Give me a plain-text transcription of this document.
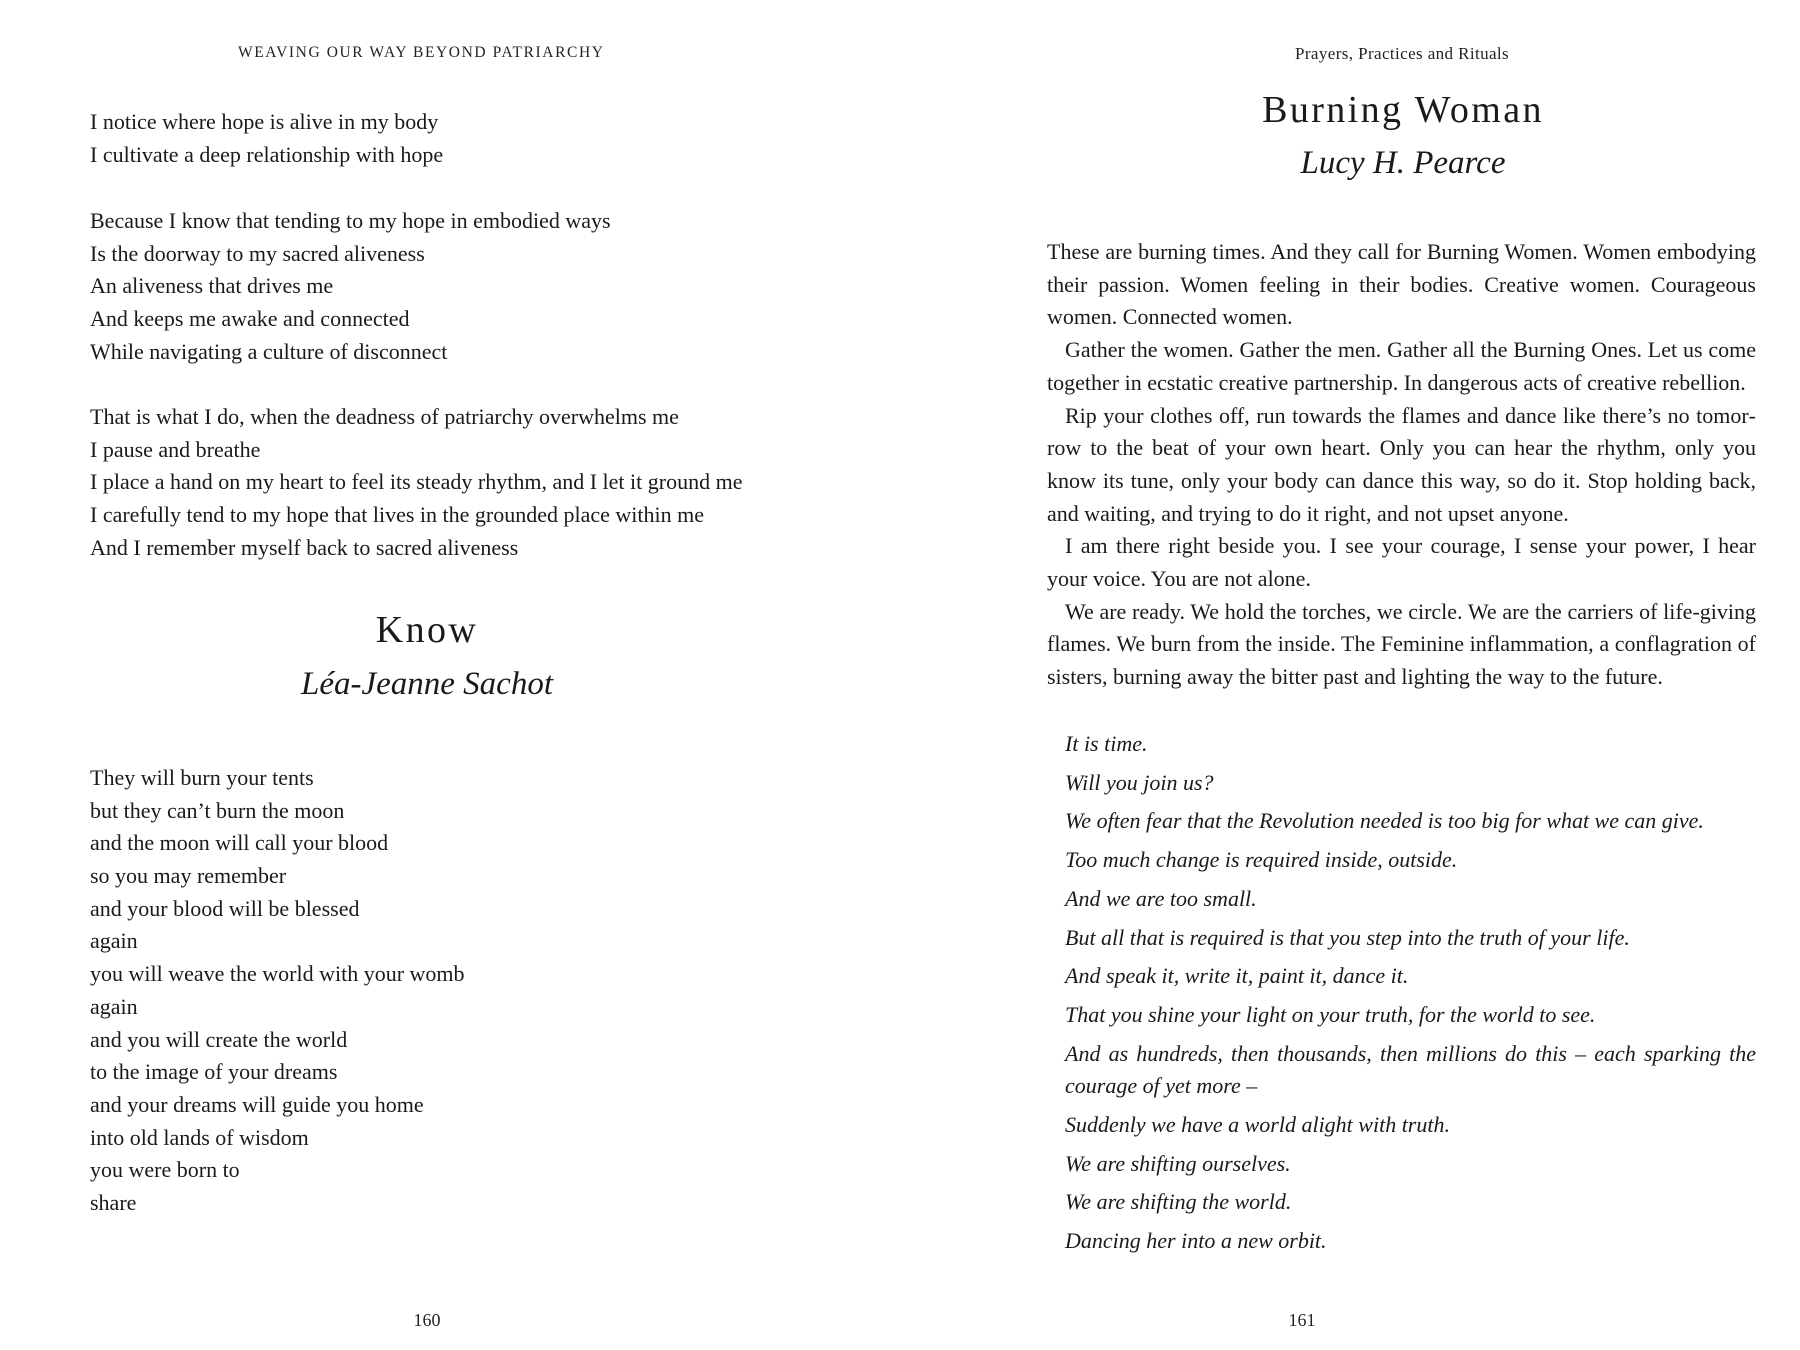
WEAVING OUR WAY BEYOND PATRIARCHY
I notice where hope is alive in my body
I cultivate a deep relationship with hope
Because I know that tending to my hope in embodied ways
Is the doorway to my sacred aliveness
An aliveness that drives me
And keeps me awake and connected
While navigating a culture of disconnect
That is what I do, when the deadness of patriarchy overwhelms me
I pause and breathe
I place a hand on my heart to feel its steady rhythm, and I let it ground me
I carefully tend to my hope that lives in the grounded place within me
And I remember myself back to sacred aliveness
Know
Léa-Jeanne Sachot
They will burn your tents
but they can’t burn the moon
and the moon will call your blood
so you may remember
and your blood will be blessed
again
you will weave the world with your womb
again
and you will create the world
to the image of your dreams
and your dreams will guide you home
into old lands of wisdom
you were born to
share
160
Prayers, Practices and Rituals
Burning Woman
Lucy H. Pearce

These are burning times. And they call for Burning Women. Women embodying their passion. Women feeling in their bodies. Creative women. Courageous women. Connected women.

Gather the women. Gather the men. Gather all the Burning Ones. Let us come together in ecstatic creative partnership. In dangerous acts of creative rebellion.

Rip your clothes off, run towards the flames and dance like there’s no tomorrow to the beat of your own heart. Only you can hear the rhythm, only you know its tune, only your body can dance this way, so do it. Stop holding back, and waiting, and trying to do it right, and not upset anyone.

I am there right beside you. I see your courage, I sense your power, I hear your voice. You are not alone.

We are ready. We hold the torches, we circle. We are the carriers of life-giving flames. We burn from the inside. The Feminine inflammation, a conflagration of sisters, burning away the bitter past and lighting the way to the future.

It is time.
Will you join us?
We often fear that the Revolution needed is too big for what we can give.
Too much change is required inside, outside.
And we are too small.
But all that is required is that you step into the truth of your life.
And speak it, write it, paint it, dance it.
That you shine your light on your truth, for the world to see.
And as hundreds, then thousands, then millions do this – each sparking the courage of yet more –
Suddenly we have a world alight with truth.
We are shifting ourselves.
We are shifting the world.
Dancing her into a new orbit.
161
